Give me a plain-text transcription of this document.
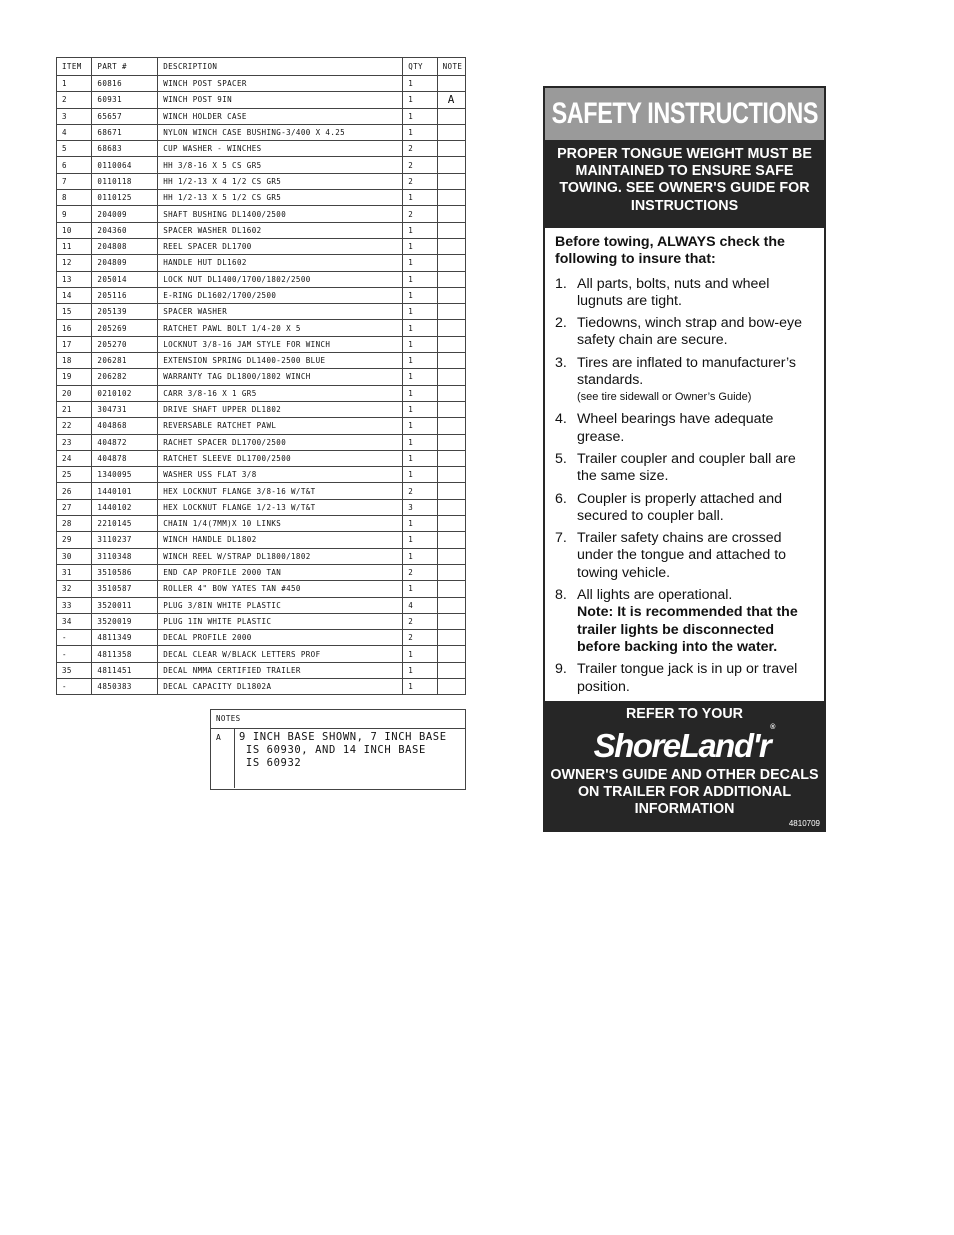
ITEM	PART #	DESCRIPTION	QTY	NOTE
1	60816	WINCH POST SPACER	1	
2	60931	WINCH POST 9IN	1	A
3	65657	WINCH HOLDER CASE	1	
4	68671	NYLON WINCH CASE BUSHING-3/400 X 4.25	1	
5	68683	CUP WASHER - WINCHES	2	
6	0110064	HH 3/8-16 X 5 CS GR5	2	
7	0110118	HH 1/2-13 X 4 1/2 CS GR5	2	
8	0110125	HH 1/2-13 X 5 1/2 CS GR5	1	
9	204009	SHAFT BUSHING DL1400/2500	2	
10	204360	SPACER WASHER DL1602	1	
11	204808	REEL SPACER DL1700	1	
12	204809	HANDLE HUT DL1602	1	
13	205014	LOCK NUT DL1400/1700/1802/2500	1	
14	205116	E-RING DL1602/1700/2500	1	
15	205139	SPACER WASHER	1	
16	205269	RATCHET PAWL BOLT 1/4-20 X 5	1	
17	205270	LOCKNUT 3/8-16 JAM STYLE FOR WINCH	1	
18	206281	EXTENSION SPRING DL1400-2500 BLUE	1	
19	206282	WARRANTY TAG DL1800/1802 WINCH	1	
20	0210102	CARR 3/8-16 X 1 GR5	1	
21	304731	DRIVE SHAFT UPPER DL1802	1	
22	404868	REVERSABLE RATCHET PAWL	1	
23	404872	RACHET SPACER DL1700/2500	1	
24	404878	RATCHET SLEEVE DL1700/2500	1	
25	1340095	WASHER USS FLAT 3/8	1	
26	1440101	HEX LOCKNUT FLANGE 3/8-16 W/T&T	2	
27	1440102	HEX LOCKNUT FLANGE 1/2-13 W/T&T	3	
28	2210145	CHAIN 1/4(7MM)X 10 LINKS	1	
29	3110237	WINCH HANDLE DL1802	1	
30	3110348	WINCH REEL W/STRAP DL1800/1802	1	
31	3510586	END CAP PROFILE 2000 TAN	2	
32	3510587	ROLLER 4" BOW YATES TAN #450	1	
33	3520011	PLUG 3/8IN WHITE PLASTIC	4	
34	3520019	PLUG 1IN WHITE PLASTIC	2	
-	4811349	DECAL PROFILE 2000	2	
-	4811358	DECAL CLEAR W/BLACK LETTERS PROF	1	
35	4811451	DECAL NMMA CERTIFIED TRAILER	1	
-	4850383	DECAL CAPACITY DL1802A	1	
NOTES
A 9 INCH BASE SHOWN, 7 INCH BASE
IS 60930, AND 14 INCH BASE
IS 60932
SAFETY INSTRUCTIONS
PROPER TONGUE WEIGHT MUST BE MAINTAINED TO ENSURE SAFE TOWING. SEE OWNER'S GUIDE FOR INSTRUCTIONS
Before towing, ALWAYS check the following to insure that:
1. All parts, bolts, nuts and wheel lugnuts are tight.
2. Tiedowns, winch strap and bow-eye safety chain are secure.
3. Tires are inflated to manufacturer’s standards.
(see tire sidewall or Owner’s Guide)
4. Wheel bearings have adequate grease.
5. Trailer coupler and coupler ball are the same size.
6. Coupler is properly attached and secured to coupler ball.
7. Trailer safety chains are crossed under the tongue and attached to towing vehicle.
8. All lights are operational.
Note: It is recommended that the trailer lights be disconnected before backing into the water.
9. Trailer tongue jack is in up or travel position.
REFER TO YOUR
ShoreLand'r®
OWNER'S GUIDE AND OTHER DECALS ON TRAILER FOR ADDITIONAL INFORMATION
4810709
